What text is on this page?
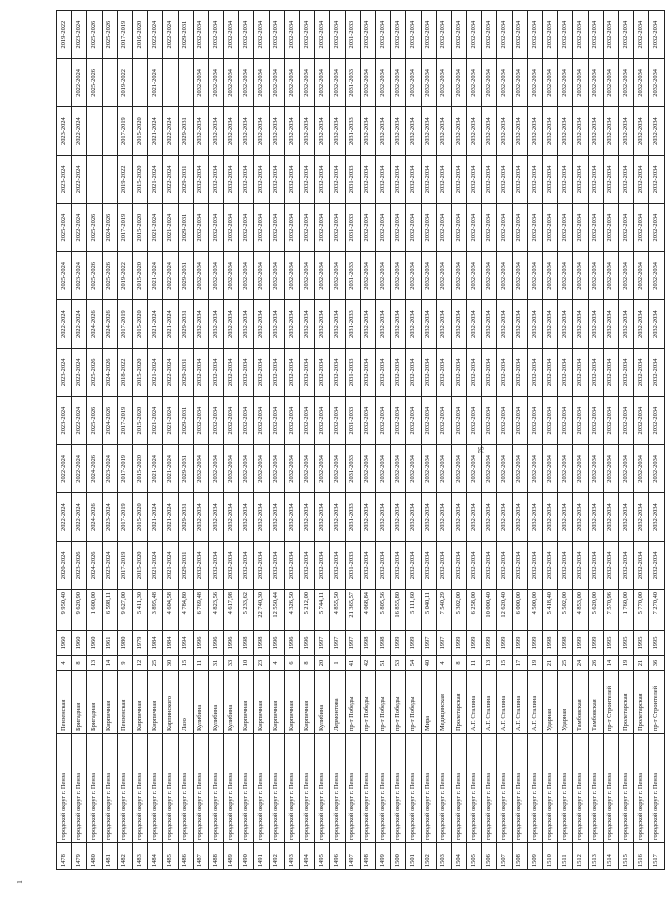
1478	городской округ г. Пенза	Пензенская	4	1960	9 950,40	2020-2024	2022-2024	2022-2024	2023-2024	2023-2024	2022-2024	2025-2024	2025-2024	2023-2024	2023-2024		2019-2022
1479	городской округ г. Пенза	Бригадная	8	1960	9 620,90	2023-2026	2022-2024	2022-2024	2022-2024	2022-2024	2022-2024	2023-2024	2022-2024	2022-2024	2022-2024	2022-2024	2023-2024
1480	городской округ г. Пенза	Бригадная	13	1960	1 600,00	2024-2026	2024-2026	2024-2026	2025-2026	2025-2026	2024-2026	2025-2026	2025-2026			2025-2026	2025-2026
1481	городской округ г. Пенза	Кирпичная	14	1961	6 598,11	2023-2024	2023-2024	2023-2024	2024-2026	2024-2026	2024-2026	2025-2026	2024-2026				2025-2026
1482	городской округ г. Пенза	Пензенская	9	1980	9 627,00	2017-2019	2017-2019	2017-2019	2017-2019	2018-2022	2017-2019	2019-2022	2017-2019	2019-2022	2017-2019	2019-2022	2017-2019
1483	городской округ г. Пенза	Кирпичная	12	1979	5 411,30	2015-2020	2015-2020	2015-2020	2015-2020	2015-2020	2015-2020	2015-2020	2015-2020	2015-2020	2015-2020		2016-2020
1484	городской округ г. Пенза	Кирпичная	25	1984	3 895,48	2021-2024	2021-2024	2021-2024	2021-2024	2021-2024	2021-2024	2021-2024	2021-2024	2021-2024	2021-2024	2021-2024	2022-2024
1485	городской округ г. Пенза	Карпинского	30	1984	4 604,58	2021-2024	2021-2024	2021-2024	2021-2024	2022-2024	2021-2024	2022-2024	2021-2024	2022-2024	2022-2024		2022-2024
1486	городской округ г. Пенза	Лазо	15	1994	4 784,80	2029-2031	2029-2031	2029-2031	2029-2031	2029-2031	2029-2031	2029-2031	2029-2031	2029-2031	2029-2031		2029-2031
1487	городской округ г. Пенза	Кулибина	11	1996	6 769,48	2032-2034	2032-2034	2032-2034	2032-2034	2032-2034	2032-2034	2032-2034	2032-2034	2032-2034	2032-2034	2032-2034	2032-2034
1488	городской округ г. Пенза	Кулибина	31	1996	4 823,56	2032-2034	2032-2034	2032-2034	2032-2034	2032-2034	2032-2034	2032-2034	2032-2034	2032-2034	2032-2034	2032-2034	2032-2034
1489	городской округ г. Пенза	Кулибина	33	1996	4 617,98	2032-2034	2032-2034	2032-2034	2032-2034	2032-2034	2032-2034	2032-2034	2032-2034	2032-2034	2032-2034	2032-2034	2032-2034
1490	городской округ г. Пенза	Кирпичная	10	1998	5 233,62	2032-2034	2032-2034	2032-2034	2032-2034	2032-2034	2032-2034	2032-2034	2032-2034	2032-2034	2032-2034	2032-2034	2032-2034
1491	городской округ г. Пенза	Кирпичная	23	1998	22 740,30	2032-2034	2032-2034	2032-2034	2032-2034	2032-2034	2032-2034	2032-2034	2032-2034	2032-2034	2032-2034	2032-2034	2032-2034
1492	городской округ г. Пенза	Кирпичная	4	1996	12 550,44	2032-2034	2032-2034	2032-2034	2032-2034	2032-2034	2032-2034	2032-2034	2032-2034	2032-2034	2032-2034	2032-2034	2032-2034
1493	городской округ г. Пенза	Кирпичная	6	1996	4 326,50	2032-2034	2032-2034	2032-2034	2032-2034	2032-2034	2032-2034	2032-2034	2032-2034	2032-2034	2032-2034	2032-2034	2032-2034
1494	городской округ г. Пенза	Кирпичная	8	1996	5 212,00	2032-2034	2032-2034	2032-2034	2032-2034	2032-2034	2032-2034	2032-2034	2032-2034	2032-2034	2032-2034	2032-2034	2032-2034
1495	городской округ г. Пенза	Кулибина	20	1997	5 744,11	2032-2034	2032-2034	2032-2034	2032-2034	2032-2034	2032-2034	2032-2034	2032-2034	2032-2034	2032-2034	2032-2034	2032-2034
1496	городской округ г. Пенза	Лермонтова	1	1997	4 855,50	2032-2034	2032-2034	2032-2034	2032-2034	2032-2034	2032-2034	2032-2034	2032-2034	2032-2034	2032-2034	2032-2034	2032-2034
1497	городской округ г. Пенза	пр-т Победы	41	1997	21 365,57	2031-2033	2031-2033	2031-2033	2031-2033	2031-2033	2031-2033	2031-2033	2031-2033	2031-2033	2031-2033	2031-2033	2031-2033
1498	городской округ г. Пенза	пр-т Победы	42	1998	4 068,84	2032-2034	2032-2034	2032-2034	2032-2034	2032-2034	2032-2034	2032-2034	2032-2034	2032-2034	2032-2034	2032-2034	2032-2034
1499	городской округ г. Пенза	пр-т Победы	51	1998	5 805,56	2032-2034	2032-2034	2032-2034	2032-2034	2032-2034	2032-2034	2032-2034	2032-2034	2032-2034	2032-2034	2032-2034	2032-2034
1500	городской округ г. Пенза	пр-т Победы	53	1999	16 855,80	2032-2034	2032-2034	2032-2034	2032-2034	2032-2034	2032-2034	2032-2034	2032-2034	2032-2034	2032-2034	2032-2034	2032-2034
1501	городской округ г. Пенза	пр-т Победы	54	1999	5 111,60	2032-2034	2032-2034	2032-2034	2032-2034	2032-2034	2032-2034	2032-2034	2032-2034	2032-2034	2032-2034	2032-2034	2032-2034
1502	городской округ г. Пенза	Мира	40	1997	5 040,11	2032-2034	2032-2034	2032-2034	2032-2034	2032-2034	2032-2034	2032-2034	2032-2034	2032-2034	2032-2034	2032-2034	2032-2034
1503	городской округ г. Пенза	Медицинская	4	1997	7 540,29	2032-2034	2032-2034	2032-2034	2032-2034	2032-2034	2032-2034	2032-2034	2032-2034	2032-2034	2032-2034	2032-2034	2032-2034
1504	городской округ г. Пенза	Пролетарская	8	1999	5 302,00	2032-2034	2032-2034	2032-2034	2032-2034	2032-2034	2032-2034	2032-2034	2032-2034	2032-2034	2032-2034	2032-2034	2032-2034
1505	городской округ г. Пенза	А.Г. Сталина	11	1999	6 258,00	2032-2034	2032-2034	2032-2034	2032-2034	2032-2034	2032-2034	2032-2034	2032-2034	2032-2034	2032-2034	2032-2034	2032-2034
1506	городской округ г. Пенза	А.Г. Сталина	13	1999	10 000,40	2032-2034	2032-2034	2032-2034	2032-2034	2032-2034	2032-2034	2032-2034	2032-2034	2032-2034	2032-2034	2032-2034	2032-2034
1507	городской округ г. Пенза	А.Г. Сталина	15	1999	12 620,40	2032-2034	2032-2034	2032-2034	2032-2034	2032-2034	2032-2034	2032-2034	2032-2034	2032-2034	2032-2034	2032-2034	2032-2034
1508	городской округ г. Пенза	А.Г. Сталина	17	1999	6 000,00	2032-2034	2032-2034	2032-2034	2032-2034	2032-2034	2032-2034	2032-2034	2032-2034	2032-2034	2032-2034	2032-2034	2032-2034
1509	городской округ г. Пенза	А.Г. Сталина	19	1999	4 500,00	2032-2034	2032-2034	2032-2034	2032-2034	2032-2034	2032-2034	2032-2034	2032-2034	2032-2034	2032-2034	2032-2034	2032-2034
1510	городской округ г. Пенза	Ударная	21	1998	5 418,40	2032-2034	2032-2034	2032-2034	2032-2034	2032-2034	2032-2034	2032-2034	2032-2034	2032-2034	2032-2034	2032-2034	2032-2034
1511	городской округ г. Пенза	Ударная	25	1998	5 502,00	2032-2034	2032-2034	2032-2034	2032-2034	2032-2034	2032-2034	2032-2034	2032-2034	2032-2034	2032-2034	2032-2034	2032-2034
1512	городской округ г. Пенза	Тамбовская	24	1999	4 853,00	2032-2034	2032-2034	2032-2034	2032-2034	2032-2034	2032-2034	2032-2034	2032-2034	2032-2034	2032-2034	2032-2034	2032-2034
1513	городской округ г. Пенза	Тамбовская	26	1999	5 620,00	2032-2034	2032-2034	2032-2034	2032-2034	2032-2034	2032-2034	2032-2034	2032-2034	2032-2034	2032-2034	2032-2034	2032-2034
1514	городской округ г. Пенза	пр-т Строителей	14	1995	7 570,96	2032-2034	2032-2034	2032-2034	2032-2034	2032-2034	2032-2034	2032-2034	2032-2034	2032-2034	2032-2034	2032-2034	2032-2034
1515	городской округ г. Пенза	Пролетарская	19	1995	1 760,00	2032-2034	2032-2034	2032-2034	2032-2034	2032-2034	2032-2034	2032-2034	2032-2034	2032-2034	2032-2034	2032-2034	2032-2034
1516	городской округ г. Пенза	Пролетарская	21	1995	5 770,00	2032-2034	2032-2034	2032-2034	2032-2034	2032-2034	2032-2034	2032-2034	2032-2034	2032-2034	2032-2034	2032-2034	2032-2034
1517	городской округ г. Пенза	пр-т Строителей	36	1995	7 270,40	2032-2034	2032-2034	2032-2034	2032-2034	2032-2034	2032-2034	2032-2034	2032-2034	2032-2034	2032-2034	2032-2034	2032-2034
75
1
